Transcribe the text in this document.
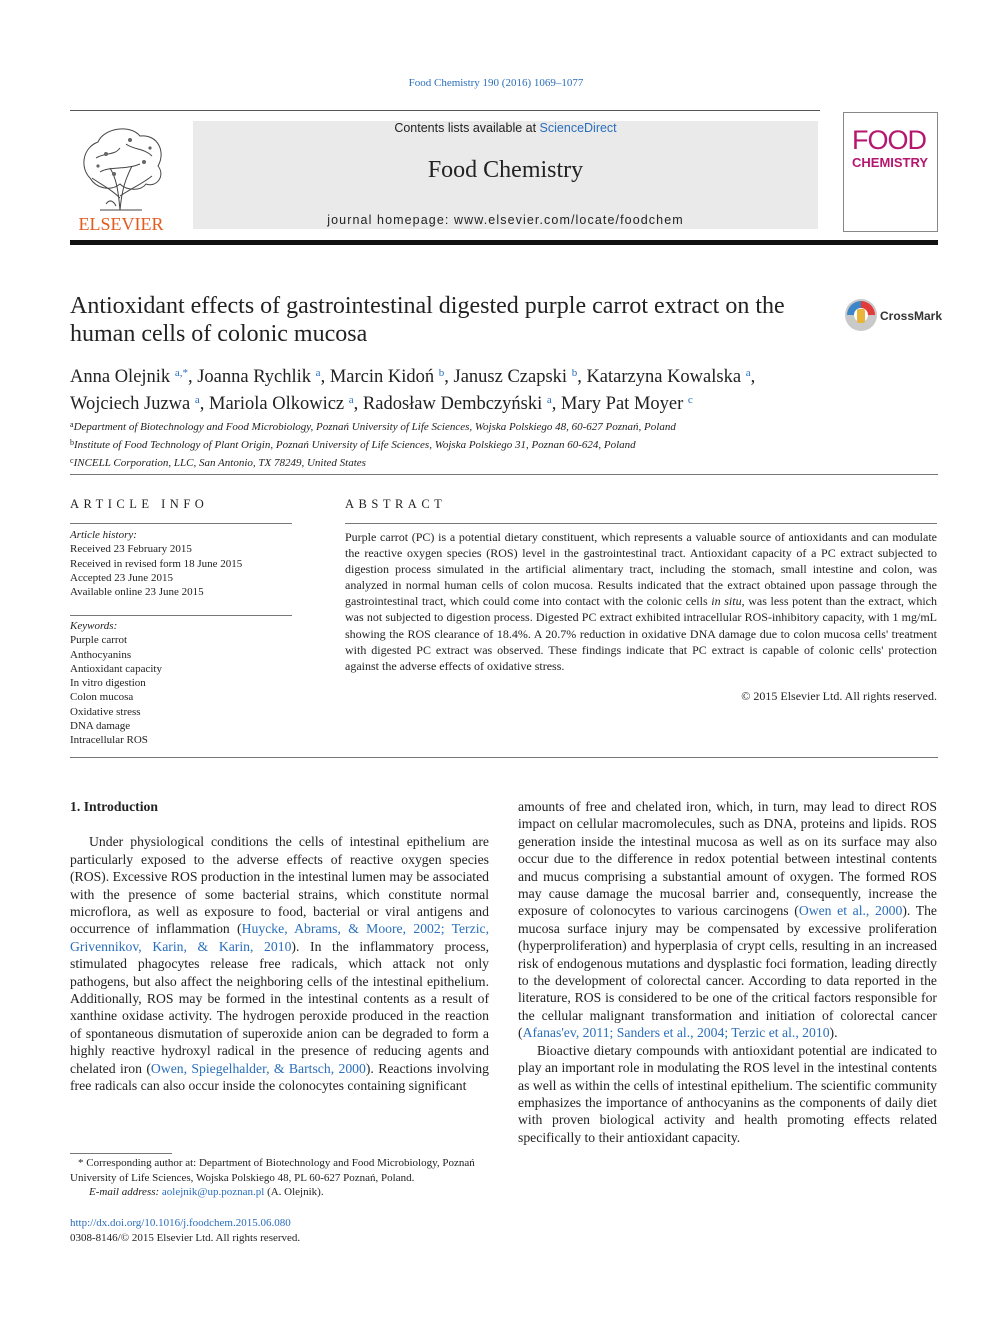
Food Chemistry 190 (2016) 1069–1077
ELSEVIER
Contents lists available at ScienceDirect
Food Chemistry
journal homepage: www.elsevier.com/locate/foodchem
FOOD
CHEMISTRY
Antioxidant effects of gastrointestinal digested purple carrot extract on the human cells of colonic mucosa
CrossMark
Anna Olejnik $^{a,*}$, Joanna Rychlik $^a$, Marcin Kidoń $^b$, Janusz Czapski $^b$, Katarzyna Kowalska $^a$,
Wojciech Juzwa $^a$, Mariola Olkowicz $^a$, Radosław Dembczyński $^a$, Mary Pat Moyer $^c$
$^a$Department of Biotechnology and Food Microbiology, Poznań University of Life Sciences, Wojska Polskiego 48, 60-627 Poznań, Poland
$^b$Institute of Food Technology of Plant Origin, Poznań University of Life Sciences, Wojska Polskiego 31, Poznan 60-624, Poland
$^c$INCELL Corporation, LLC, San Antonio, TX 78249, United States
ARTICLE INFO
Article history:
Received 23 February 2015
Received in revised form 18 June 2015
Accepted 23 June 2015
Available online 23 June 2015
Keywords:
Purple carrot
Anthocyanins
Antioxidant capacity
In vitro digestion
Colon mucosa
Oxidative stress
DNA damage
Intracellular ROS
ABSTRACT
Purple carrot (PC) is a potential dietary constituent, which represents a valuable source of antioxidants and can modulate the reactive oxygen species (ROS) level in the gastrointestinal tract. Antioxidant capacity of a PC extract subjected to digestion process simulated in the artificial alimentary tract, including the stomach, small intestine and colon, was analyzed in normal human cells of colon mucosa. Results indicated that the extract obtained upon passage through the gastrointestinal tract, which could come into contact with the colonic cells in situ, was less potent than the extract, which was not subjected to digestion process. Digested PC extract exhibited intracellular ROS-inhibitory capacity, with 1 mg/mL showing the ROS clearance of 18.4%. A 20.7% reduction in oxidative DNA damage due to colon mucosa cells' treatment with digested PC extract was observed. These findings indicate that PC extract is capable of colonic cells' protection against the adverse effects of oxidative stress.
© 2015 Elsevier Ltd. All rights reserved.
1. Introduction

Under physiological conditions the cells of intestinal epithelium are particularly exposed to the adverse effects of reactive oxygen species (ROS). Excessive ROS production in the intestinal lumen may be associated with the presence of some bacterial strains, which constitute normal microflora, as well as exposure to food, bacterial or viral antigens and occurrence of inflammation (Huycke, Abrams, & Moore, 2002; Terzic, Grivennikov, Karin, & Karin, 2010). In the inflammatory process, stimulated phagocytes release free radicals, which attack not only pathogens, but also affect the neighboring cells of the intestinal epithelium. Additionally, ROS may be formed in the intestinal contents as a result of xanthine oxidase activity. The hydrogen peroxide produced in the reaction of spontaneous dismutation of superoxide anion can be degraded to form a highly reactive hydroxyl radical in the presence of reducing agents and chelated iron (Owen, Spiegelhalder, & Bartsch, 2000). Reactions involving free radicals can also occur inside the colonocytes containing significant

amounts of free and chelated iron, which, in turn, may lead to direct ROS impact on cellular macromolecules, such as DNA, proteins and lipids. ROS generation inside the intestinal mucosa as well as on its surface may also occur due to the difference in redox potential between intestinal contents and mucus comprising a substantial amount of oxygen. The formed ROS may cause damage the mucosal barrier and, consequently, increase the exposure of colonocytes to various carcinogens (Owen et al., 2000). The mucosa surface injury may be compensated by excessive proliferation (hyperproliferation) and hyperplasia of crypt cells, resulting in an increased risk of endogenous mutations and dysplastic foci formation, leading directly to the development of colorectal cancer. According to data reported in the literature, ROS is considered to be one of the critical factors responsible for the cellular malignant transformation and initiation of colorectal cancer (Afanas'ev, 2011; Sanders et al., 2004; Terzic et al., 2010).

Bioactive dietary compounds with antioxidant potential are indicated to play an important role in modulating the ROS level in the intestinal contents as well as within the cells of intestinal epithelium. The scientific community emphasizes the importance of anthocyanins as the components of daily diet with proven biological activity and health promoting effects related specifically to their antioxidant capacity.

* Corresponding author at: Department of Biotechnology and Food Microbiology, Poznań University of Life Sciences, Wojska Polskiego 48, PL 60-627 Poznań, Poland.
E-mail address: aolejnik@up.poznan.pl (A. Olejnik).
http://dx.doi.org/10.1016/j.foodchem.2015.06.080
0308-8146/© 2015 Elsevier Ltd. All rights reserved.
